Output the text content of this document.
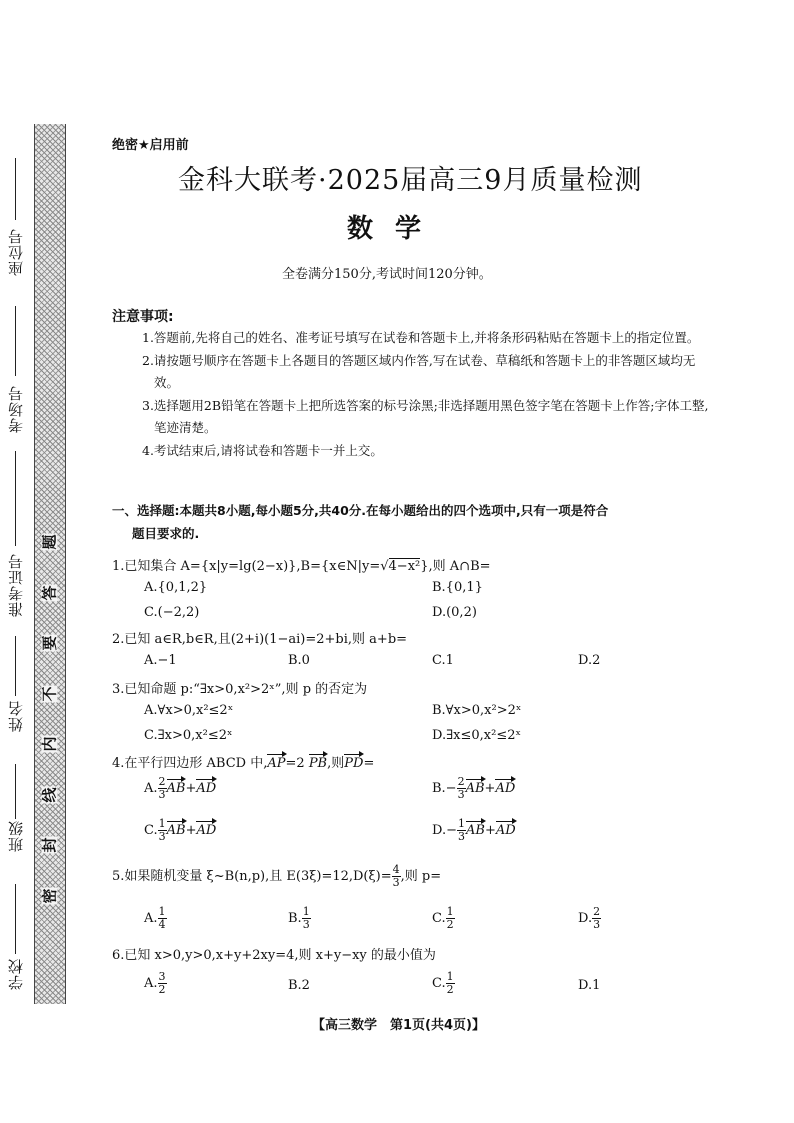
座位号
考场号
准考证号
姓名
班级
学校
题
答
要
不
内
线
封
密
绝密★启用前
金科大联考·2025届高三9月质量检测
数学
全卷满分150分,考试时间120分钟。
注意事项:
1.答题前,先将自己的姓名、准考证号填写在试卷和答题卡上,并将条形码粘贴在答题卡上的指定位置。
2.请按题号顺序在答题卡上各题目的答题区域内作答,写在试卷、草稿纸和答题卡上的非答题区域均无效。
3.选择题用2B铅笔在答题卡上把所选答案的标号涂黑;非选择题用黑色签字笔在答题卡上作答;字体工整,笔迹清楚。
4.考试结束后,请将试卷和答题卡一并上交。
一、选择题:本题共8小题,每小题5分,共40分.在每小题给出的四个选项中,只有一项是符合
题目要求的.
1.已知集合 A={x|y=lg(2−x)},B={x∈N|y=√4−x²},则 A∩B=
A.{0,1,2}	B.{0,1}
C.(−2,2)	D.(0,2)
2.已知 a∈R,b∈R,且(2+i)(1−ai)=2+bi,则 a+b=
A.−1	B.0	C.1	D.2
3.已知命题 p:“∃x>0,x²>2ˣ”,则 p 的否定为
A.∀x>0,x²≤2ˣ	B.∀x>0,x²>2ˣ
C.∃x>0,x²≤2ˣ	D.∃x≤0,x²≤2ˣ
4.在平行四边形 ABCD 中,AP=2 PB,则PD=
A. $\frac{2}{3} AB+AD$	$B.- \frac{2}{3} AB+AD$
C. $\frac{1}{3} AB+AD$	$D.- \frac{1}{3} AB+AD$
5.如果随机变量 ξ~B(n,p),且 $E(3\xi)=12,D(\xi)= \frac{4}{3}$ ,则 p=
A. $\frac{1}{4}$	B. $\frac{1}{3}$	C. $\frac{1}{2}$	D. $\frac{2}{3}$
6.已知 x>0,y>0,x+y+2xy=4,则 x+y−xy 的最小值为
A. $\frac{3}{2}$	B.2	C. $\frac{1}{2}$	D.1
【高三数学　第1页(共4页)】
